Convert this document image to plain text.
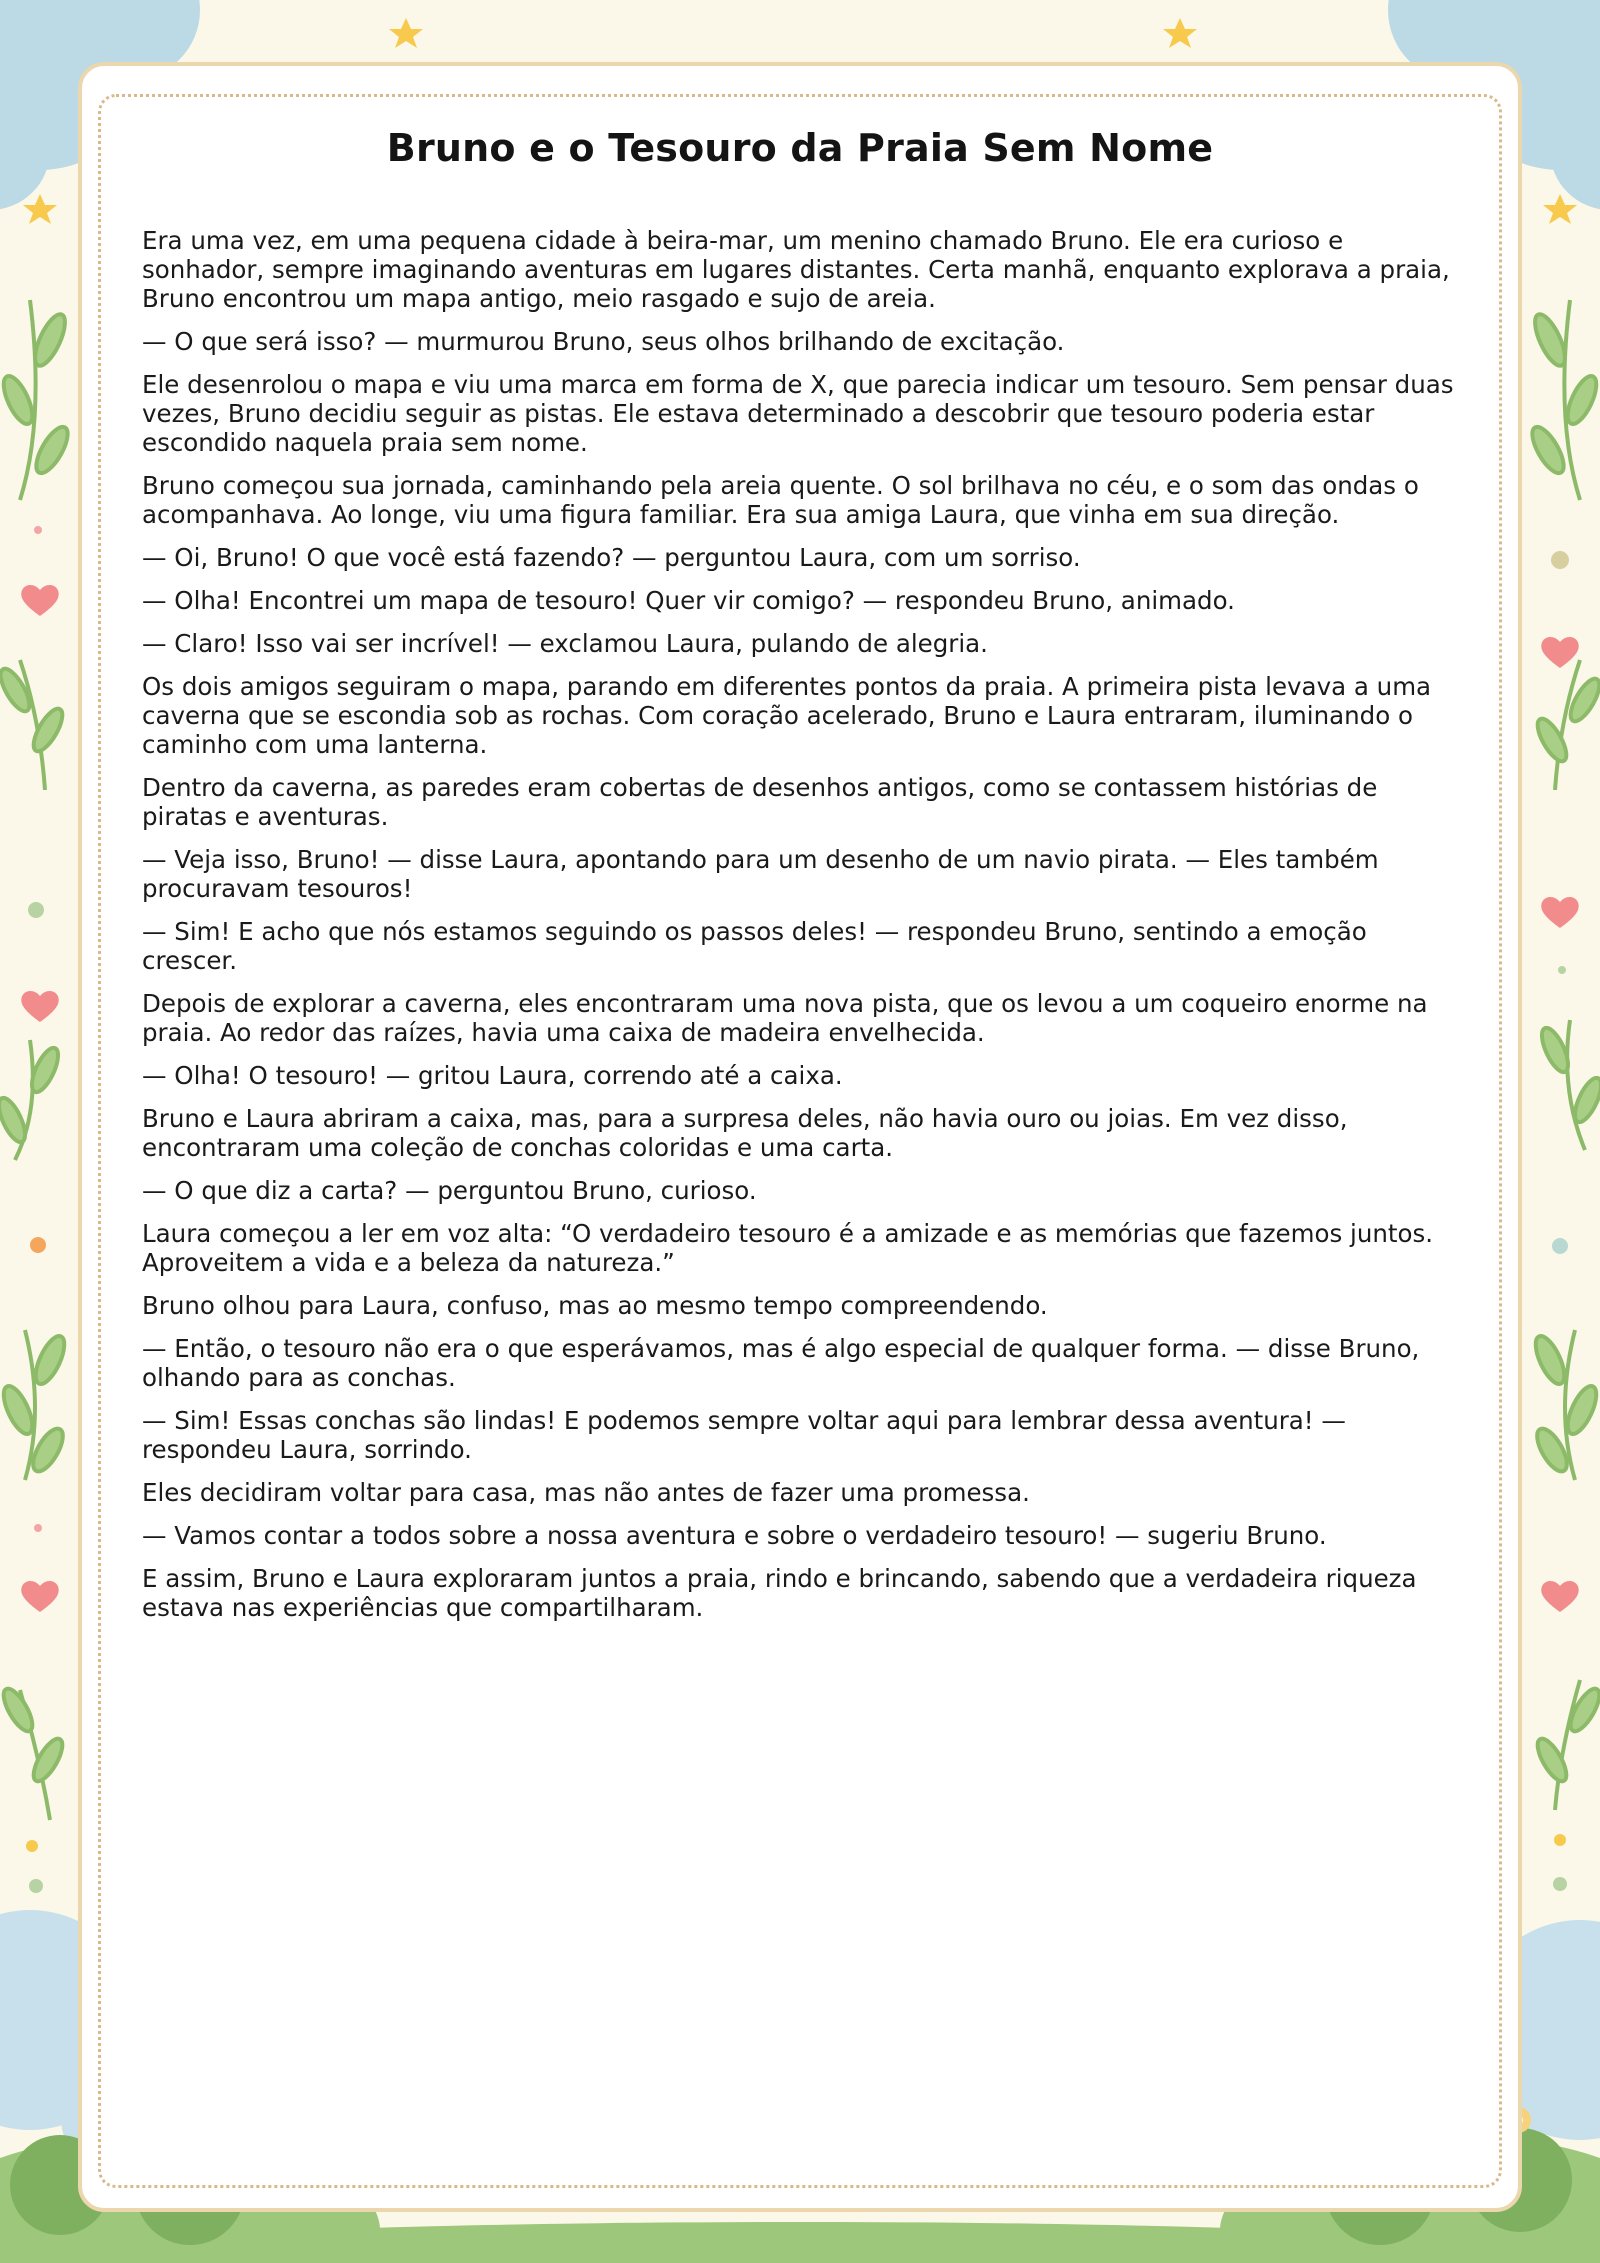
Bruno e o Tesouro da Praia Sem Nome

Era uma vez, em uma pequena cidade à beira-mar, um menino chamado Bruno. Ele era curioso e sonhador, sempre imaginando aventuras em lugares distantes. Certa manhã, enquanto explorava a praia, Bruno encontrou um mapa antigo, meio rasgado e sujo de areia.

— O que será isso? — murmurou Bruno, seus olhos brilhando de excitação.

Ele desenrolou o mapa e viu uma marca em forma de X, que parecia indicar um tesouro. Sem pensar duas vezes, Bruno decidiu seguir as pistas. Ele estava determinado a descobrir que tesouro poderia estar escondido naquela praia sem nome.

Bruno começou sua jornada, caminhando pela areia quente. O sol brilhava no céu, e o som das ondas o acompanhava. Ao longe, viu uma figura familiar. Era sua amiga Laura, que vinha em sua direção.

— Oi, Bruno! O que você está fazendo? — perguntou Laura, com um sorriso.

— Olha! Encontrei um mapa de tesouro! Quer vir comigo? — respondeu Bruno, animado.

— Claro! Isso vai ser incrível! — exclamou Laura, pulando de alegria.

Os dois amigos seguiram o mapa, parando em diferentes pontos da praia. A primeira pista levava a uma caverna que se escondia sob as rochas. Com coração acelerado, Bruno e Laura entraram, iluminando o caminho com uma lanterna.

Dentro da caverna, as paredes eram cobertas de desenhos antigos, como se contassem histórias de piratas e aventuras.

— Veja isso, Bruno! — disse Laura, apontando para um desenho de um navio pirata. — Eles também procuravam tesouros!

— Sim! E acho que nós estamos seguindo os passos deles! — respondeu Bruno, sentindo a emoção crescer.

Depois de explorar a caverna, eles encontraram uma nova pista, que os levou a um coqueiro enorme na praia. Ao redor das raízes, havia uma caixa de madeira envelhecida.

— Olha! O tesouro! — gritou Laura, correndo até a caixa.

Bruno e Laura abriram a caixa, mas, para a surpresa deles, não havia ouro ou joias. Em vez disso, encontraram uma coleção de conchas coloridas e uma carta.

— O que diz a carta? — perguntou Bruno, curioso.

Laura começou a ler em voz alta: “O verdadeiro tesouro é a amizade e as memórias que fazemos juntos. Aproveitem a vida e a beleza da natureza.”

Bruno olhou para Laura, confuso, mas ao mesmo tempo compreendendo.

— Então, o tesouro não era o que esperávamos, mas é algo especial de qualquer forma. — disse Bruno, olhando para as conchas.

— Sim! Essas conchas são lindas! E podemos sempre voltar aqui para lembrar dessa aventura! — respondeu Laura, sorrindo.

Eles decidiram voltar para casa, mas não antes de fazer uma promessa.

— Vamos contar a todos sobre a nossa aventura e sobre o verdadeiro tesouro! — sugeriu Bruno.

E assim, Bruno e Laura exploraram juntos a praia, rindo e brincando, sabendo que a verdadeira riqueza estava nas experiências que compartilharam.
